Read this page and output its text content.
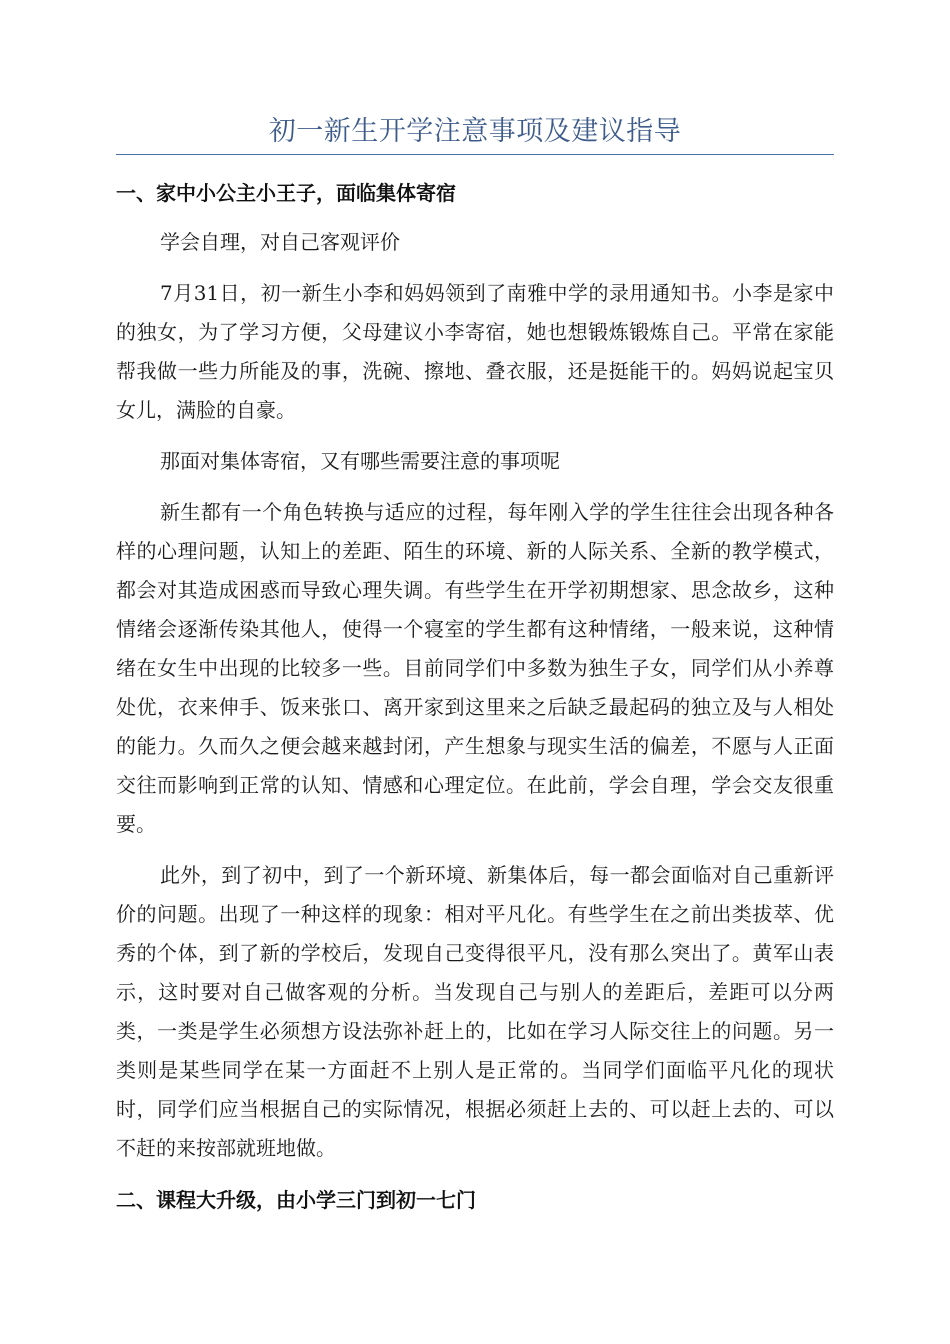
初一新生开学注意事项及建议指导
一、家中小公主小王子，面临集体寄宿

学会自理，对自己客观评价

7月31日，初一新生小李和妈妈领到了南雅中学的录用通知书。小李是家中的独女，为了学习方便，父母建议小李寄宿，她也想锻炼锻炼自己。平常在家能帮我做一些力所能及的事，洗碗、擦地、叠衣服，还是挺能干的。妈妈说起宝贝女儿，满脸的自豪。

那面对集体寄宿，又有哪些需要注意的事项呢

新生都有一个角色转换与适应的过程，每年刚入学的学生往往会出现各种各样的心理问题，认知上的差距、陌生的环境、新的人际关系、全新的教学模式，都会对其造成困惑而导致心理失调。有些学生在开学初期想家、思念故乡，这种情绪会逐渐传染其他人，使得一个寝室的学生都有这种情绪，一般来说，这种情绪在女生中出现的比较多一些。目前同学们中多数为独生子女，同学们从小养尊处优，衣来伸手、饭来张口、离开家到这里来之后缺乏最起码的独立及与人相处的能力。久而久之便会越来越封闭，产生想象与现实生活的偏差，不愿与人正面交往而影响到正常的认知、情感和心理定位。在此前，学会自理，学会交友很重要。

此外，到了初中，到了一个新环境、新集体后，每一都会面临对自己重新评价的问题。出现了一种这样的现象：相对平凡化。有些学生在之前出类拔萃、优秀的个体，到了新的学校后，发现自己变得很平凡，没有那么突出了。黄军山表示，这时要对自己做客观的分析。当发现自己与别人的差距后，差距可以分两类，一类是学生必须想方设法弥补赶上的，比如在学习人际交往上的问题。另一类则是某些同学在某一方面赶不上别人是正常的。当同学们面临平凡化的现状时，同学们应当根据自己的实际情况，根据必须赶上去的、可以赶上去的、可以不赶的来按部就班地做。

二、课程大升级，由小学三门到初一七门
